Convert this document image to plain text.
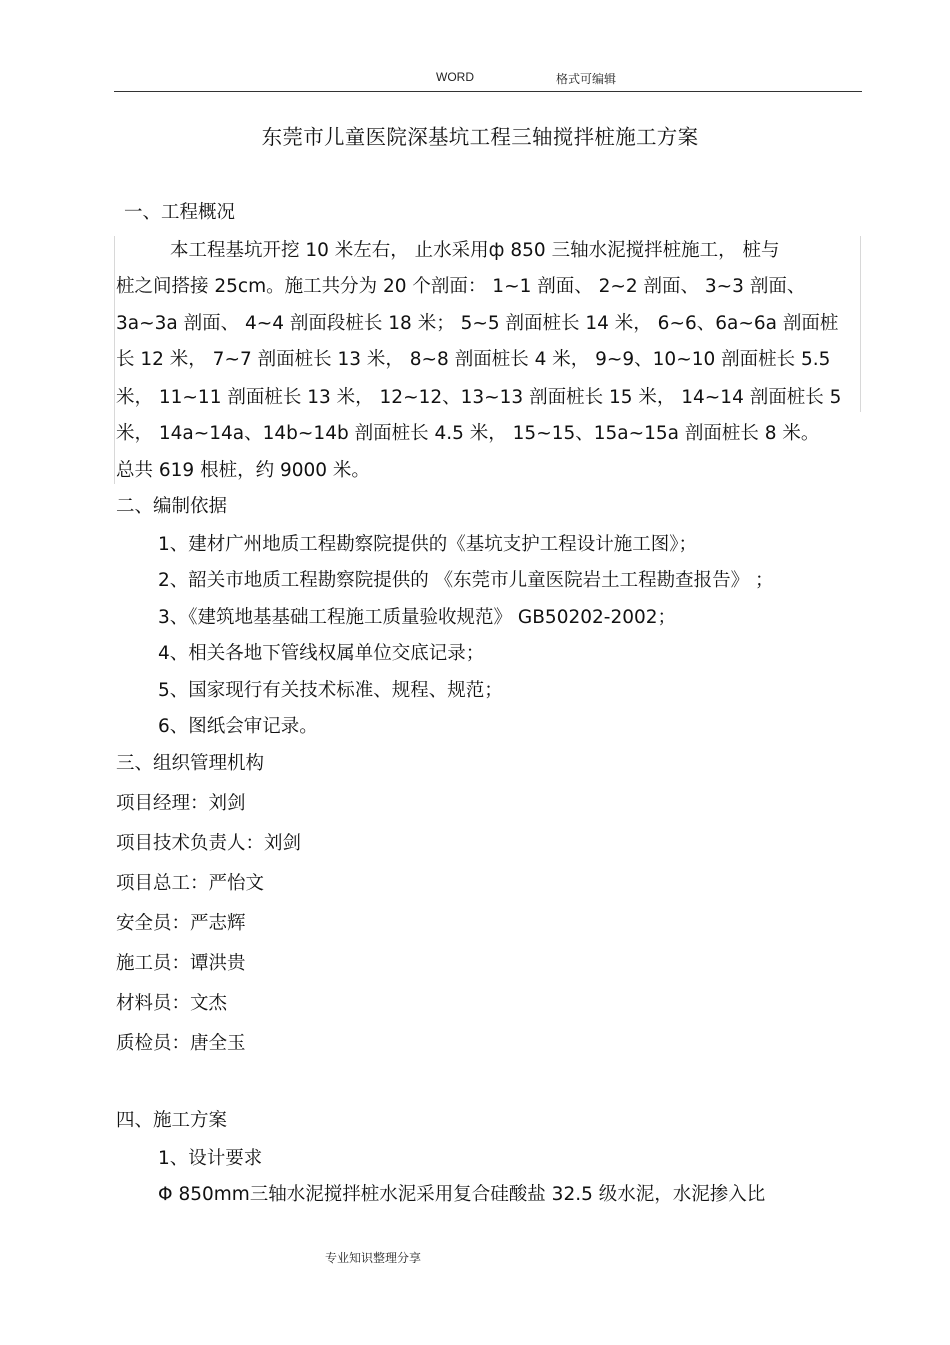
WORD	格式可编辑
东莞市儿童医院深基坑工程三轴搅拌桩施工方案
一、工程概况
本工程基坑开挖 10 米左右， 止水采用ф 850 三轴水泥搅拌桩施工， 桩与
桩之间搭接 25cm。施工共分为 20 个剖面： 1~1 剖面、 2~2 剖面、 3~3 剖面、
3a~3a 剖面、 4~4 剖面段桩长 18 米； 5~5 剖面桩长 14 米， 6~6、6a~6a 剖面桩
长 12 米， 7~7 剖面桩长 13 米， 8~8 剖面桩长 4 米， 9~9、10~10 剖面桩长 5.5
米， 11~11 剖面桩长 13 米， 12~12、13~13 剖面桩长 15 米， 14~14 剖面桩长 5
米， 14a~14a、14b~14b 剖面桩长 4.5 米， 15~15、15a~15a 剖面桩长 8 米。
总共 619 根桩，约 9000 米。
二、编制依据
1、建材广州地质工程勘察院提供的《基坑支护工程设计施工图》；
2、韶关市地质工程勘察院提供的 《东莞市儿童医院岩土工程勘查报告》 ；
3、《建筑地基基础工程施工质量验收规范》 GB50202-2002；
4、相关各地下管线权属单位交底记录；
5、国家现行有关技术标准、规程、规范；
6、图纸会审记录。
三、组织管理机构
项目经理：刘剑
项目技术负责人：刘剑
项目总工：严怡文
安全员：严志辉
施工员：谭洪贵
材料员：文杰
质检员：唐全玉
四、施工方案
1、设计要求
Φ 850mm三轴水泥搅拌桩水泥采用复合硅酸盐 32.5 级水泥，水泥掺入比
专业知识整理分享
